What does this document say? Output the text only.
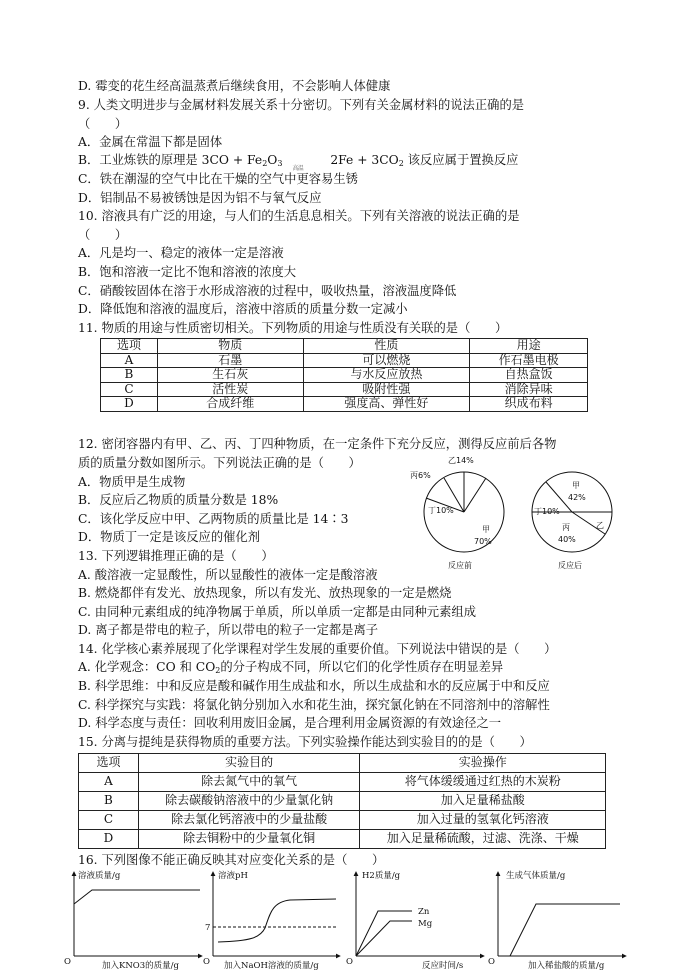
D. 霉变的花生经高温蒸煮后继续食用，不会影响人体健康
9. 人类文明进步与金属材料发展关系十分密切。下列有关金属材料的说法正确的是
（　　）
A．金属在常温下都是固体
B．工业炼铁的原理是 $3CO + Fe_2O_3$
高温
$2Fe + 3CO_2$ 该反应属于置换反应
C．铁在潮湿的空气中比在干燥的空气中更容易生锈
D．铝制品不易被锈蚀是因为铝不与氧气反应
10. 溶液具有广泛的用途，与人们的生活息息相关。下列有关溶液的说法正确的是
（　　）
A．凡是均一、稳定的液体一定是溶液
B．饱和溶液一定比不饱和溶液的浓度大
C．硝酸铵固体在溶于水形成溶液的过程中，吸收热量，溶液温度降低
D．降低饱和溶液的温度后，溶液中溶质的质量分数一定减小
11. 物质的用途与性质密切相关。下列物质的用途与性质没有关联的是（　　）
选项	物质	性质	用途
A	石墨	可以燃烧	作石墨电极
B	生石灰	与水反应放热	自热盒饭
C	活性炭	吸附性强	消除异味
D	合成纤维	强度高、弹性好	织成布料
12. 密闭容器内有甲、乙、丙、丁四种物质，在一定条件下充分反应，测得反应前后各物
质的质量分数如图所示。下列说法正确的是（　　）
A．物质甲是生成物
B．反应后乙物质的质量分数是 18%
C．该化学反应中甲、乙两物质的质量比是 14∶3
D．物质丁一定是该反应的催化剂
甲
70%
乙14%
丙6%
丁10%
反应前
甲
42%
丁10%
乙
丙
40%
反应后
13. 下列逻辑推理正确的是（　　）
A. 酸溶液一定显酸性，所以显酸性的液体一定是酸溶液
B. 燃烧都伴有发光、放热现象，所以有发光、放热现象的一定是燃烧
C. 由同种元素组成的纯净物属于单质，所以单质一定都是由同种元素组成
D. 离子都是带电的粒子，所以带电的粒子一定都是离子
14. 化学核心素养展现了化学课程对学生发展的重要价值。下列说法中错误的是（　　）
A. 化学观念：CO 和 $CO_2$的分子构成不同，所以它们的化学性质存在明显差异
B. 科学思维：中和反应是酸和碱作用生成盐和水，所以生成盐和水的反应属于中和反应
C. 科学探究与实践：将氯化钠分别加入水和花生油，探究氯化钠在不同溶剂中的溶解性
D. 科学态度与责任：回收利用废旧金属，是合理利用金属资源的有效途径之一
15. 分离与提纯是获得物质的重要方法。下列实验操作能达到实验目的的是（　　）
选项	实验目的	实验操作
A	除去氮气中的氧气	将气体缓缓通过红热的木炭粉
B	除去碳酸钠溶液中的少量氯化钠	加入足量稀盐酸
C	除去氯化钙溶液中的少量盐酸	加入过量的氢氧化钙溶液
D	除去铜粉中的少量氧化铜	加入足量稀硫酸，过滤、洗涤、干燥
16. 下列图像不能正确反映其对应变化关系的是（　　）
溶液质量/g
加入KNO3的质量/g
O
溶液pH
7
加入NaOH溶液的质量/g
O
H2质量/g
Zn
Mg
反应时间/s
O
生成气体质量/g
加入稀盐酸的质量/g
O
